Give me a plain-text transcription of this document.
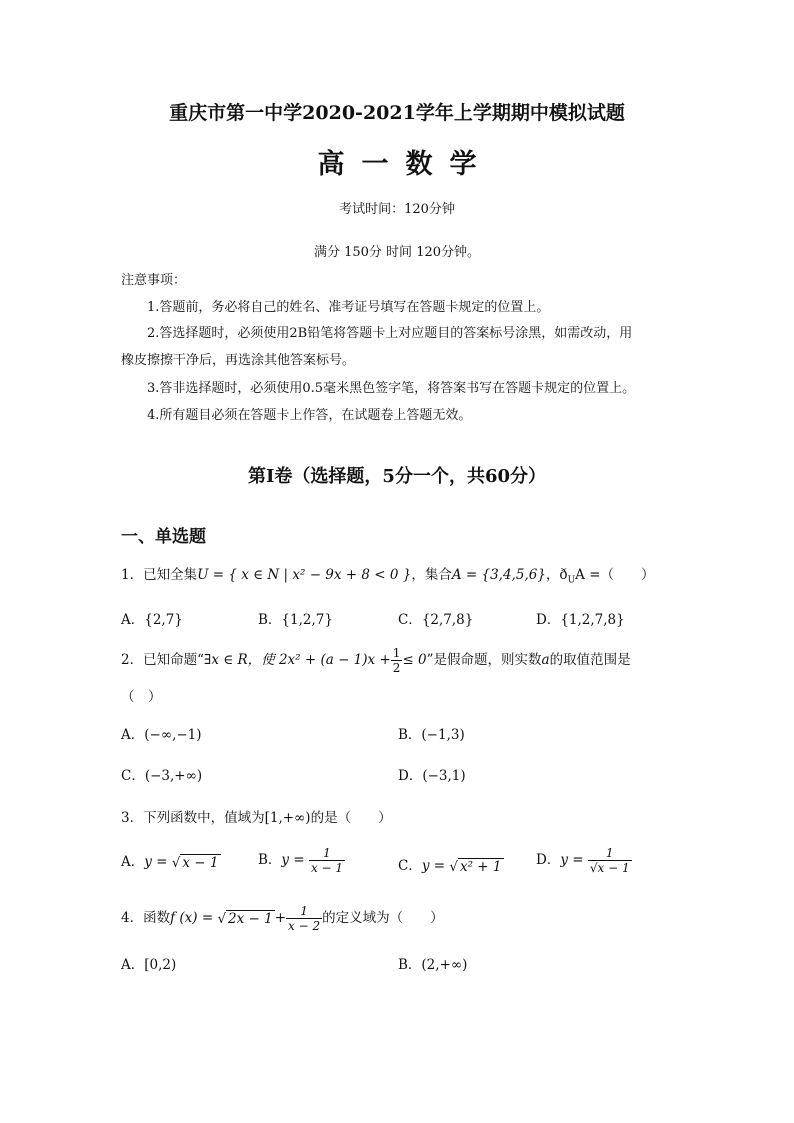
重庆市第一中学2020-2021学年上学期期中模拟试题
高一数学
考试时间：120分钟
满分 150分 时间 120分钟。
注意事项：
1.答题前，务必将自己的姓名、准考证号填写在答题卡规定的位置上。
2.答选择题时，必须使用2B铅笔将答题卡上对应题目的答案标号涂黑，如需改动，用
橡皮擦擦干净后，再选涂其他答案标号。
3.答非选择题时，必须使用0.5毫米黑色签字笔，将答案书写在答题卡规定的位置上。
4.所有题目必须在答题卡上作答，在试题卷上答题无效。
第Ⅰ卷（选择题，5分一个，共60分）
一、单选题
1．已知全集U = { x ∈ N | x² − 9x + 8 < 0 }，集合A = {3,4,5,6}，$ð_UA$ =（　　）
A．{2,7}	B．{1,2,7}	C．{2,7,8}	D．{1,2,7,8}
2．已知命题“∃x ∈ R，使 $2x^2 + (a - 1)x + \frac{1}{2} \le 0$”是假命题，则实数a的取值范围是
（　）
A．(−∞,−1)	B．(−1,3)
C．(−3,+∞)	D．(−3,1)
3．下列函数中，值域为[1,+∞)的是（　　）
A．y = √ x − 1	B．$y = \frac{1}{x - 1}$	C．y = √ x² + 1	D．$y = \frac{1}{√x - 1}$
4．函数f (x) = √ $2x - 1 + \frac{1}{x - 2}$ 的定义域为（　　）
A．[0,2)	B．(2,+∞)
